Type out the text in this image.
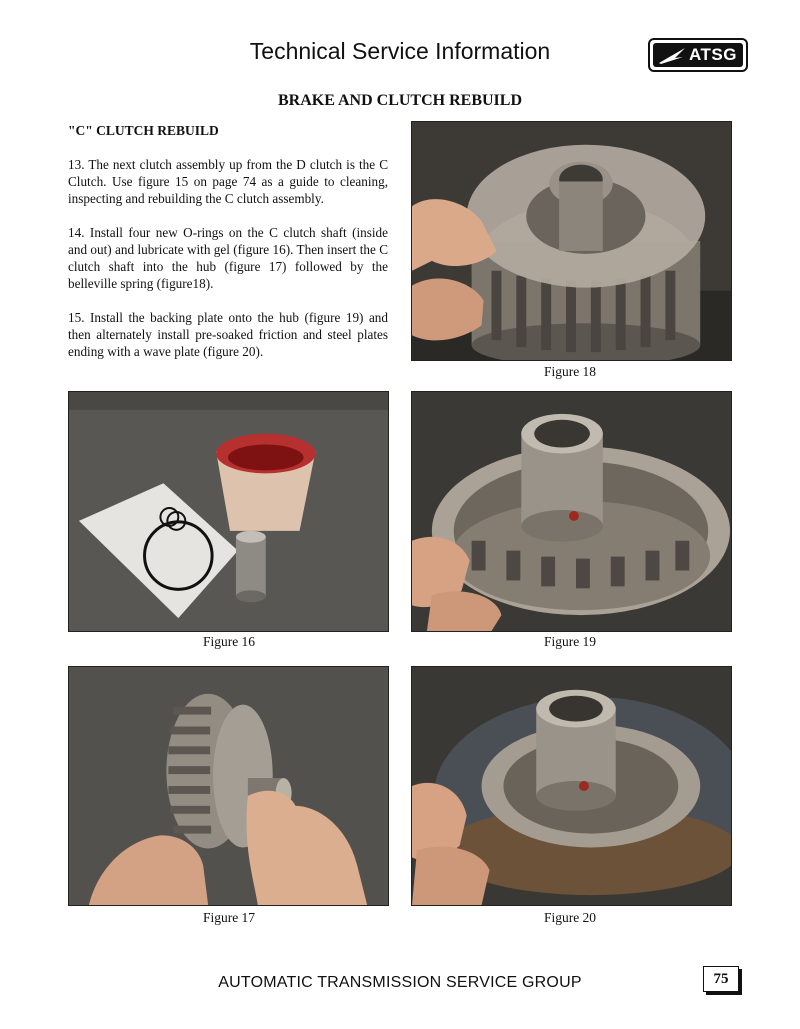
Technical Service Information	ATSG
BRAKE AND CLUTCH REBUILD
"C" CLUTCH REBUILD
13. The next clutch assembly up from the D clutch is the C Clutch. Use figure 15 on page 74 as a guide to cleaning, inspecting and rebuilding the C clutch assembly.
14. Install four new O-rings on the C clutch shaft (inside and out) and lubricate with gel (figure 16). Then insert the C clutch shaft into the hub (figure 17) followed by the belleville spring (figure18).
15. Install the backing plate onto the hub (figure 19) and then alternately install pre-soaked friction and steel plates ending with a wave plate (figure 20).
Figure 18
Figure 16	Figure 19
Figure 17	Figure 20
AUTOMATIC TRANSMISSION SERVICE GROUP	75
